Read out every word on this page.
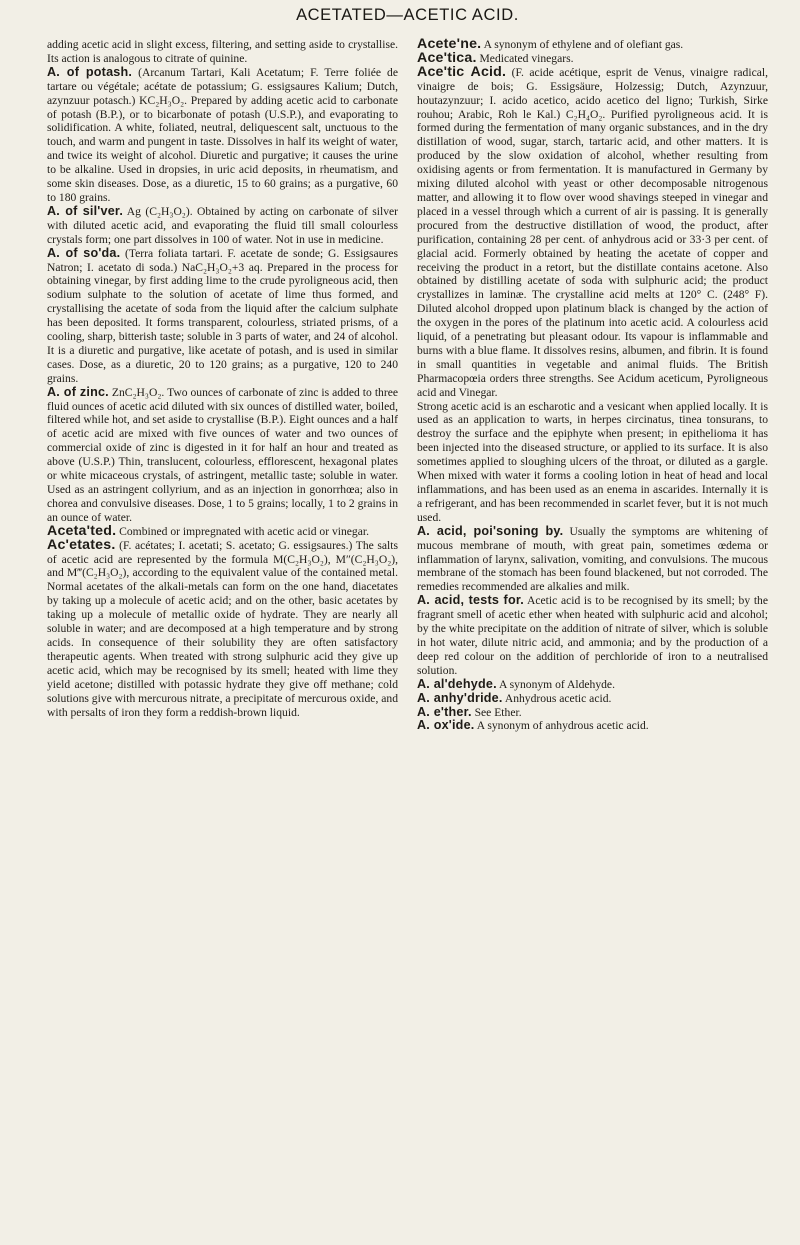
ACETATED—ACETIC ACID.

adding acetic acid in slight excess, filtering, and setting aside to crystallise. Its action is analogous to citrate of quinine.

A. of potash. (Arcanum Tartari, Kali Acetatum; F. Terre foliée de tartare ou végétale; acétate de potassium; G. essigsaures Kalium; Dutch, azynzuur potasch.) KC₂H₃O₂. Prepared by adding acetic acid to carbonate of potash (B.P.), or to bicarbonate of potash (U.S.P.), and evaporating to solidification. A white, foliated, neutral, deliquescent salt, unctuous to the touch, and warm and pungent in taste. Dissolves in half its weight of water, and twice its weight of alcohol. Diuretic and purgative; it causes the urine to be alkaline. Used in dropsies, in uric acid deposits, in rheumatism, and some skin diseases. Dose, as a diuretic, 15 to 60 grains; as a purgative, 60 to 180 grains.

A. of sil'ver. Ag (C₂H₃O₂). Obtained by acting on carbonate of silver with diluted acetic acid, and evaporating the fluid till small colourless crystals form; one part dissolves in 100 of water. Not in use in medicine.

A. of so'da. (Terra foliata tartari. F. acetate de sonde; G. Essigsaures Natron; I. acetato di soda.) NaC₂H₃O₂+3 aq. Prepared in the process for obtaining vinegar, by first adding lime to the crude pyroligneous acid, then sodium sulphate to the solution of acetate of lime thus formed, and crystallising the acetate of soda from the liquid after the calcium sulphate has been deposited. It forms transparent, colourless, striated prisms, of a cooling, sharp, bitterish taste; soluble in 3 parts of water, and 24 of alcohol. It is a diuretic and purgative, like acetate of potash, and is used in similar cases. Dose, as a diuretic, 20 to 120 grains; as a purgative, 120 to 240 grains.

A. of zinc. ZnC₂H₃O₂. Two ounces of carbonate of zinc is added to three fluid ounces of acetic acid diluted with six ounces of distilled water, boiled, filtered while hot, and set aside to crystallise (B.P.). Eight ounces and a half of acetic acid are mixed with five ounces of water and two ounces of commercial oxide of zinc is digested in it for half an hour and treated as above (U.S.P.) Thin, translucent, colourless, efflorescent, hexagonal plates or white micaceous crystals, of astringent, metallic taste; soluble in water. Used as an astringent collyrium, and as an injection in gonorrhœa; also in chorea and convulsive diseases. Dose, 1 to 5 grains; locally, 1 to 2 grains in an ounce of water.

Aceta'ted. Combined or impregnated with acetic acid or vinegar.

Ac'etates. (F. acétates; I. acetati; S. acetato; G. essigsaures.) The salts of acetic acid are represented by the formula M(C₂H₃O₂), M″(C₂H₃O₂), and M‴(C₂H₃O₂), according to the equivalent value of the contained metal. Normal acetates of the alkali-metals can form on the one hand, diacetates by taking up a molecule of acetic acid; and on the other, basic acetates by taking up a molecule of metallic oxide of hydrate. They are nearly all soluble in water; and are decomposed at a high temperature and by strong acids. In consequence of their solubility they are often satisfactory therapeutic agents. When treated with strong sulphuric acid they give up acetic acid, which may be recognised by its smell; heated with lime they yield acetone; distilled with potassic hydrate they give off methane; cold solutions give with mercurous nitrate, a precipitate of mercurous oxide, and with persalts of iron they form a reddish-brown liquid.

Acete'ne. A synonym of ethylene and of olefiant gas.

Ace'tica. Medicated vinegars.

Ace'tic Acid. (F. acide acétique, esprit de Venus, vinaigre radical, vinaigre de bois; G. Essigsäure, Holzessig; Dutch, Azynzuur, houtazynzuur; I. acido acetico, acido acetico del ligno; Turkish, Sirke rouhou; Arabic, Roh le Kal.) C₂H₄O₂. Purified pyroligneous acid. It is formed during the fermentation of many organic substances, and in the dry distillation of wood, sugar, starch, tartaric acid, and other matters. It is produced by the slow oxidation of alcohol, whether resulting from oxidising agents or from fermentation. It is manufactured in Germany by mixing diluted alcohol with yeast or other decomposable nitrogenous matter, and allowing it to flow over wood shavings steeped in vinegar and placed in a vessel through which a current of air is passing. It is generally procured from the destructive distillation of wood, the product, after purification, containing 28 per cent. of anhydrous acid or 33·3 per cent. of glacial acid. Formerly obtained by heating the acetate of copper and receiving the product in a retort, but the distillate contains acetone. Also obtained by distilling acetate of soda with sulphuric acid; the product crystallizes in laminæ. The crystalline acid melts at 120° C. (248° F). Diluted alcohol dropped upon platinum black is changed by the action of the oxygen in the pores of the platinum into acetic acid. A colourless acid liquid, of a penetrating but pleasant odour. Its vapour is inflammable and burns with a blue flame. It dissolves resins, albumen, and fibrin. It is found in small quantities in vegetable and animal fluids. The British Pharmacopœia orders three strengths. See Acidum aceticum, Pyroligneous acid and Vinegar.

Strong acetic acid is an escharotic and a vesicant when applied locally. It is used as an application to warts, in herpes circinatus, tinea tonsurans, to destroy the surface and the epiphyte when present; in epithelioma it has been injected into the diseased structure, or applied to its surface. It is also sometimes applied to sloughing ulcers of the throat, or diluted as a gargle. When mixed with water it forms a cooling lotion in heat of head and local inflammations, and has been used as an enema in ascarides. Internally it is a refrigerant, and has been recommended in scarlet fever, but it is not much used.

A. acid, poi'soning by. Usually the symptoms are whitening of mucous membrane of mouth, with great pain, sometimes œdema or inflammation of larynx, salivation, vomiting, and convulsions. The mucous membrane of the stomach has been found blackened, but not corroded. The remedies recommended are alkalies and milk.

A. acid, tests for. Acetic acid is to be recognised by its smell; by the fragrant smell of acetic ether when heated with sulphuric acid and alcohol; by the white precipitate on the addition of nitrate of silver, which is soluble in hot water, dilute nitric acid, and ammonia; and by the production of a deep red colour on the addition of perchloride of iron to a neutralised solution.

A. al'dehyde. A synonym of Aldehyde.

A. anhy'dride. Anhydrous acetic acid.

A. e'ther. See Ether.

A. ox'ide. A synonym of anhydrous acetic acid.
